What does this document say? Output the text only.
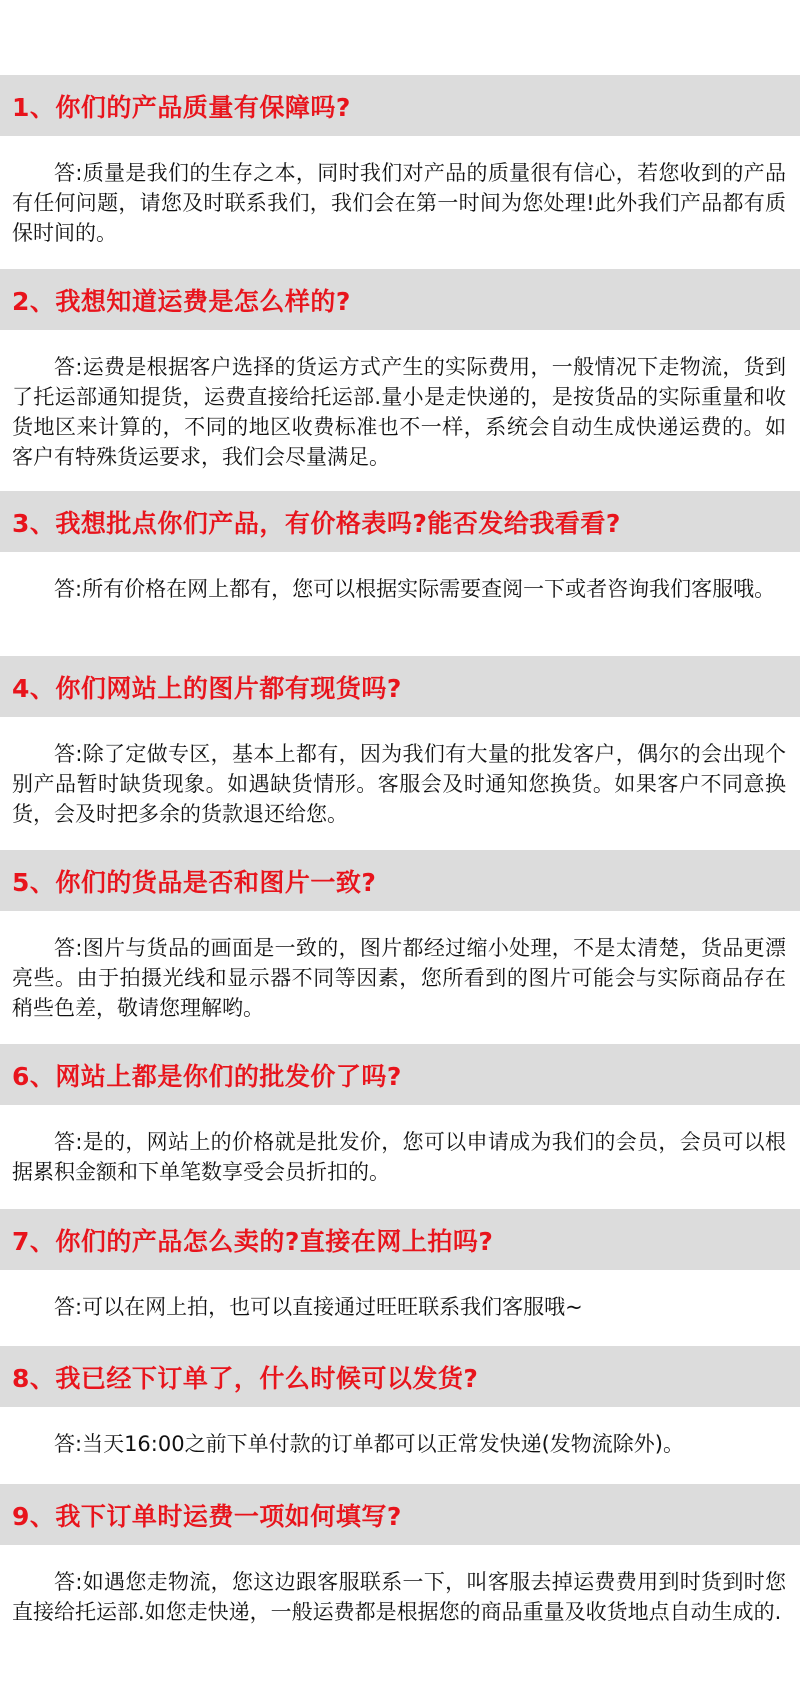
1、你们的产品质量有保障吗?

答:质量是我们的生存之本，同时我们对产品的质量很有信心，若您收到的产品有任何问题，请您及时联系我们，我们会在第一时间为您处理!此外我们产品都有质保时间的。

2、我想知道运费是怎么样的?

答:运费是根据客户选择的货运方式产生的实际费用，一般情况下走物流，货到了托运部通知提货，运费直接给托运部.量小是走快递的，是按货品的实际重量和收货地区来计算的，不同的地区收费标准也不一样，系统会自动生成快递运费的。如客户有特殊货运要求，我们会尽量满足。

3、我想批点你们产品，有价格表吗?能否发给我看看?

答:所有价格在网上都有，您可以根据实际需要查阅一下或者咨询我们客服哦。

4、你们网站上的图片都有现货吗?

答:除了定做专区，基本上都有，因为我们有大量的批发客户，偶尔的会出现个别产品暂时缺货现象。如遇缺货情形。客服会及时通知您换货。如果客户不同意换货，会及时把多余的货款退还给您。

5、你们的货品是否和图片一致?

答:图片与货品的画面是一致的，图片都经过缩小处理，不是太清楚，货品更漂亮些。由于拍摄光线和显示器不同等因素，您所看到的图片可能会与实际商品存在稍些色差，敬请您理解哟。

6、网站上都是你们的批发价了吗?

答:是的，网站上的价格就是批发价，您可以申请成为我们的会员，会员可以根据累积金额和下单笔数享受会员折扣的。

7、你们的产品怎么卖的?直接在网上拍吗?

答:可以在网上拍，也可以直接通过旺旺联系我们客服哦~

8、我已经下订单了，什么时候可以发货?

答:当天16:00之前下单付款的订单都可以正常发快递(发物流除外)。

9、我下订单时运费一项如何填写?

答:如遇您走物流，您这边跟客服联系一下，叫客服去掉运费费用到时货到时您直接给托运部.如您走快递，一般运费都是根据您的商品重量及收货地点自动生成的.
